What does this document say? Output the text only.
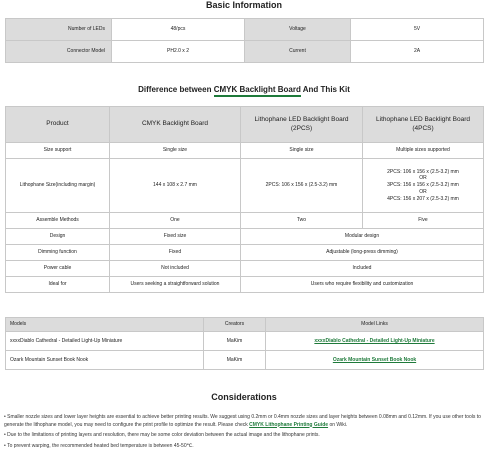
Basic Information
Number of LEDs	48/pcs	Voltage	5V
Connector Model	PH2.0 x 2	Current	2A
Difference between CMYK Backlight Board And This Kit
Product	CMYK Backlight Board	Lithophane LED Backlight Board (2PCS)	Lithophane LED Backlight Board (4PCS)
Size support	Single size	Single size	Multiple sizes supported
Lithophane Size(including margin)	144 x 108 x 2.7 mm	2PCS: 106 x 156 x (2.5-3.2) mm	2PCS: 106 x 156 x (2.5-3.2) mm
OR
3PCS: 156 x 156 x (2.5-3.2) mm
OR
4PCS: 156 x 207 x (2.5-3.2) mm

Assemble Methods	One	Two	Five
Design	Fixed size	Modular design	
Dimming function	Fixed	Adjustable (long-press dimming)	
Power cable	Not included	Included	
Ideal for	Users seeking a straightforward solution	Users who require flexibility and customization	
Models	Creators	Model Links
xxxxDiablo Cathedral - Detailed Light-Up Miniature	MaKim	xxxxDiablo Cathedral - Detailed Light-Up Miniature
Ozark Mountain Sunset Book Nook	MaKim	Ozark Mountain Sunset Book Nook
Considerations
• Smaller nozzle sizes and lower layer heights are essential to achieve better printing results. We suggest using 0.2mm or 0.4mm nozzle sizes and layer heights between 0.08mm and 0.12mm. If you use other tools to generate the lithophane model, you may need to configure the print profile to optimize the result. Please check CMYK Lithophane Printing Guide on Wiki.
• Due to the limitations of printing layers and resolution, there may be some color deviation between the actual image and the lithophane prints.
• To prevent warping, the recommended heated bed temperature is between 45-50℃.
